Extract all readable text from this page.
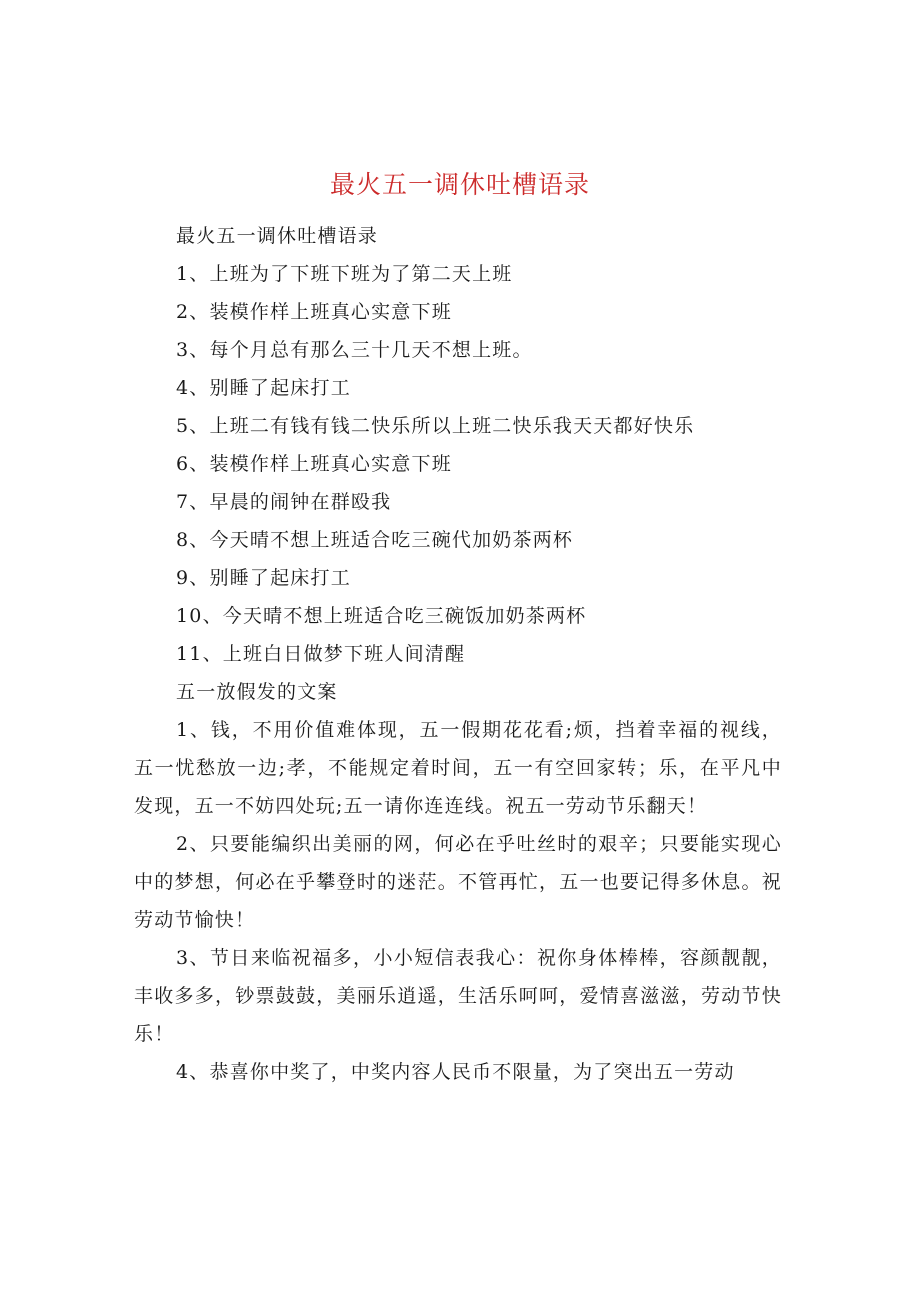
最火五一调休吐槽语录

最火五一调休吐槽语录

1、上班为了下班下班为了第二天上班

2、装模作样上班真心实意下班

3、每个月总有那么三十几天不想上班。

4、别睡了起床打工

5、上班二有钱有钱二快乐所以上班二快乐我天天都好快乐

6、装模作样上班真心实意下班

7、早晨的闹钟在群殴我

8、今天晴不想上班适合吃三碗代加奶茶两杯

9、别睡了起床打工

10、今天晴不想上班适合吃三碗饭加奶茶两杯

11、上班白日做梦下班人间清醒

五一放假发的文案

1、钱，不用价值难体现，五一假期花花看;烦，挡着幸福的视线，五一忧愁放一边;孝，不能规定着时间，五一有空回家转；乐，在平凡中发现，五一不妨四处玩;五一请你连连线。祝五一劳动节乐翻天！

2、只要能编织出美丽的网，何必在乎吐丝时的艰辛；只要能实现心中的梦想，何必在乎攀登时的迷茫。不管再忙，五一也要记得多休息。祝劳动节愉快！

3、节日来临祝福多，小小短信表我心：祝你身体棒棒，容颜靓靓，丰收多多，钞票鼓鼓，美丽乐逍遥，生活乐呵呵，爱情喜滋滋，劳动节快乐！

4、恭喜你中奖了，中奖内容人民币不限量，为了突出五一劳动
